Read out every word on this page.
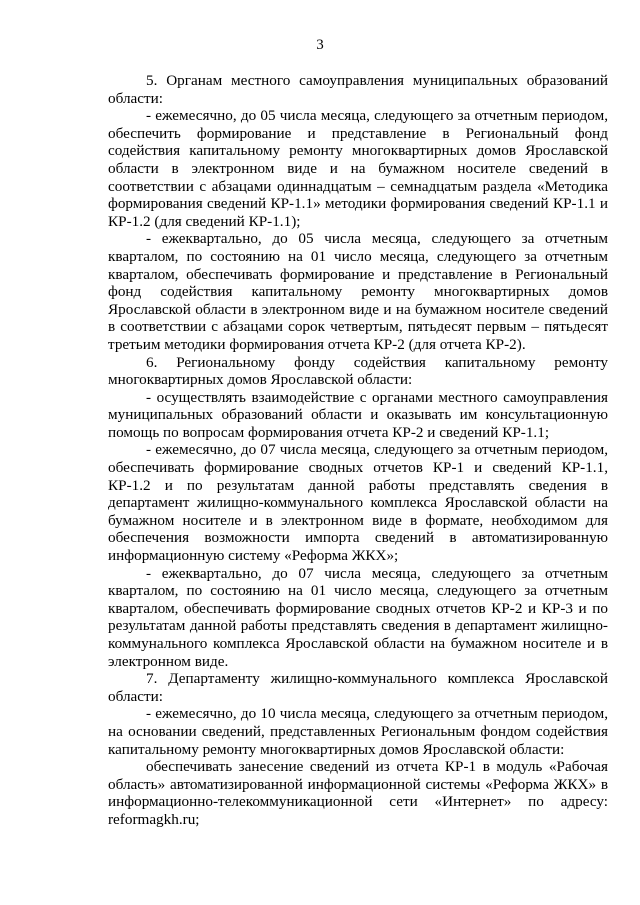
3

5. Органам местного самоуправления муниципальных образований области:

- ежемесячно, до 05 числа месяца, следующего за отчетным периодом, обеспечить формирование и представление в Региональный фонд содействия капитальному ремонту многоквартирных домов Ярославской области в электронном виде и на бумажном носителе сведений в соответствии с абзацами одиннадцатым – семнадцатым раздела «Методика формирования сведений КР-1.1» методики формирования сведений КР-1.1 и КР-1.2 (для сведений КР-1.1);

- ежеквартально, до 05 числа месяца, следующего за отчетным кварталом, по состоянию на 01 число месяца, следующего за отчетным кварталом, обеспечивать формирование и представление в Региональный фонд содействия капитальному ремонту многоквартирных домов Ярославской области в электронном виде и на бумажном носителе сведений в соответствии с абзацами сорок четвертым, пятьдесят первым – пятьдесят третьим методики формирования отчета КР-2 (для отчета КР-2).

6. Региональному фонду содействия капитальному ремонту многоквартирных домов Ярославской области:

- осуществлять взаимодействие с органами местного самоуправления муниципальных образований области и оказывать им консультационную помощь по вопросам формирования отчета КР-2 и сведений КР-1.1;

- ежемесячно, до 07 числа месяца, следующего за отчетным периодом, обеспечивать формирование сводных отчетов КР-1 и сведений КР-1.1, КР-1.2 и по результатам данной работы представлять сведения в департамент жилищно-коммунального комплекса Ярославской области на бумажном носителе и в электронном виде в формате, необходимом для обеспечения возможности импорта сведений в автоматизированную информационную систему «Реформа ЖКХ»;

- ежеквартально, до 07 числа месяца, следующего за отчетным кварталом, по состоянию на 01 число месяца, следующего за отчетным кварталом, обеспечивать формирование сводных отчетов КР-2 и КР-3 и по результатам данной работы представлять сведения в департамент жилищно-коммунального комплекса Ярославской области на бумажном носителе и в электронном виде.

7. Департаменту жилищно-коммунального комплекса Ярославской области:

- ежемесячно, до 10 числа месяца, следующего за отчетным периодом, на основании сведений, представленных Региональным фондом содействия капитальному ремонту многоквартирных домов Ярославской области:

обеспечивать занесение сведений из отчета КР-1 в модуль «Рабочая область» автоматизированной информационной системы «Реформа ЖКХ» в информационно-телекоммуникационной сети «Интернет» по адресу: reformagkh.ru;
